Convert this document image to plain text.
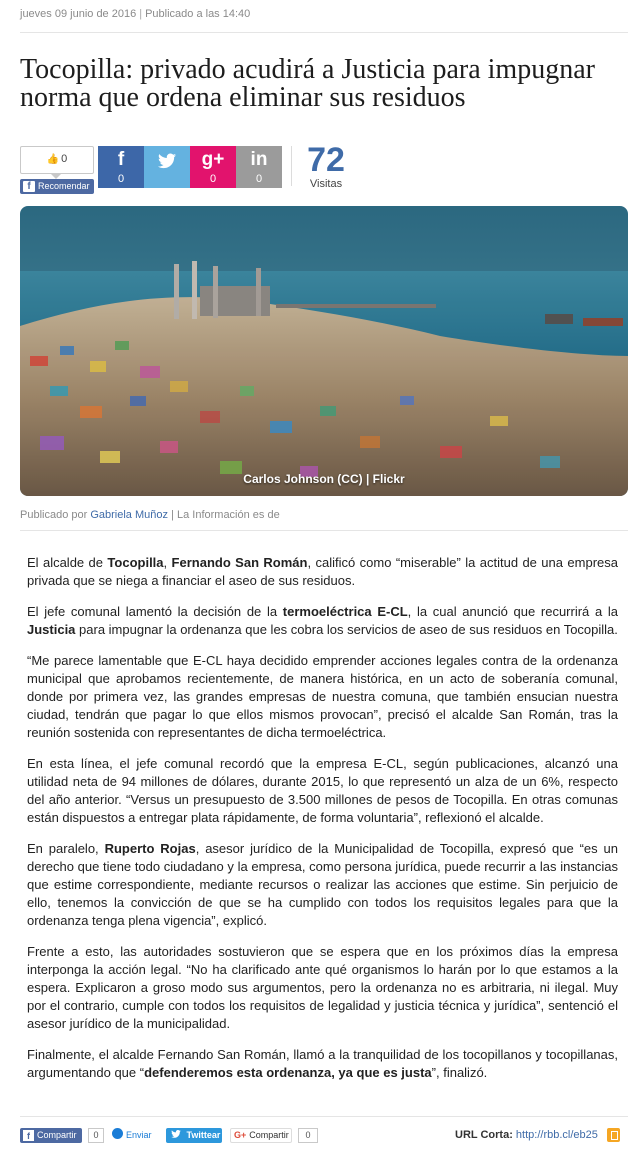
jueves 09 junio de 2016 | Publicado a las 14:40
Tocopilla: privado acudirá a Justicia para impugnar norma que ordena eliminar sus residuos
👍 0
f Recomendar
f
0
g+
0
in
0	72
Visitas
Carlos Johnson (CC) | Flickr
Publicado por Gabriela Muñoz | La Información es de

El alcalde de Tocopilla, Fernando San Román, calificó como “miserable” la actitud de una empresa privada que se niega a financiar el aseo de sus residuos.

El jefe comunal lamentó la decisión de la termoeléctrica E-CL, la cual anunció que recurrirá a la Justicia para impugnar la ordenanza que les cobra los servicios de aseo de sus residuos en Tocopilla.

“Me parece lamentable que E-CL haya decidido emprender acciones legales contra de la ordenanza municipal que aprobamos recientemente, de manera histórica, en un acto de soberanía comunal, donde por primera vez, las grandes empresas de nuestra comuna, que también ensucian nuestra ciudad, tendrán que pagar lo que ellos mismos provocan”, precisó el alcalde San Román, tras la reunión sostenida con representantes de dicha termoeléctrica.

En esta línea, el jefe comunal recordó que la empresa E-CL, según publicaciones, alcanzó una utilidad neta de 94 millones de dólares, durante 2015, lo que representó un alza de un 6%, respecto del año anterior. “Versus un presupuesto de 3.500 millones de pesos de Tocopilla. En otras comunas están dispuestos a entregar plata rápidamente, de forma voluntaria”, reflexionó el alcalde.

En paralelo, Ruperto Rojas, asesor jurídico de la Municipalidad de Tocopilla, expresó que “es un derecho que tiene todo ciudadano y la empresa, como persona jurídica, puede recurrir a las instancias que estime correspondiente, mediante recursos o realizar las acciones que estime. Sin perjuicio de ello, tenemos la convicción de que se ha cumplido con todos los requisitos legales para que la ordenanza tenga plena vigencia”, explicó.

Frente a esto, las autoridades sostuvieron que se espera que en los próximos días la empresa interponga la acción legal. “No ha clarificado ante qué organismos lo harán por lo que estamos a la espera. Explicaron a groso modo sus argumentos, pero la ordenanza no es arbitraria, ni ilegal. Muy por el contrario, cumple con todos los requisitos de legalidad y justicia técnica y jurídica”, sentenció el asesor jurídico de la municipalidad.

Finalmente, el alcalde Fernando San Román, llamó a la tranquilidad de los tocopillanos y tocopillanas, argumentando que “defenderemos esta ordenanza, ya que es justa”, finalizó.

f Compartir	0	Enviar	Twittear	G+ Compartir	0	URL Corta: http://rbb.cl/eb25
